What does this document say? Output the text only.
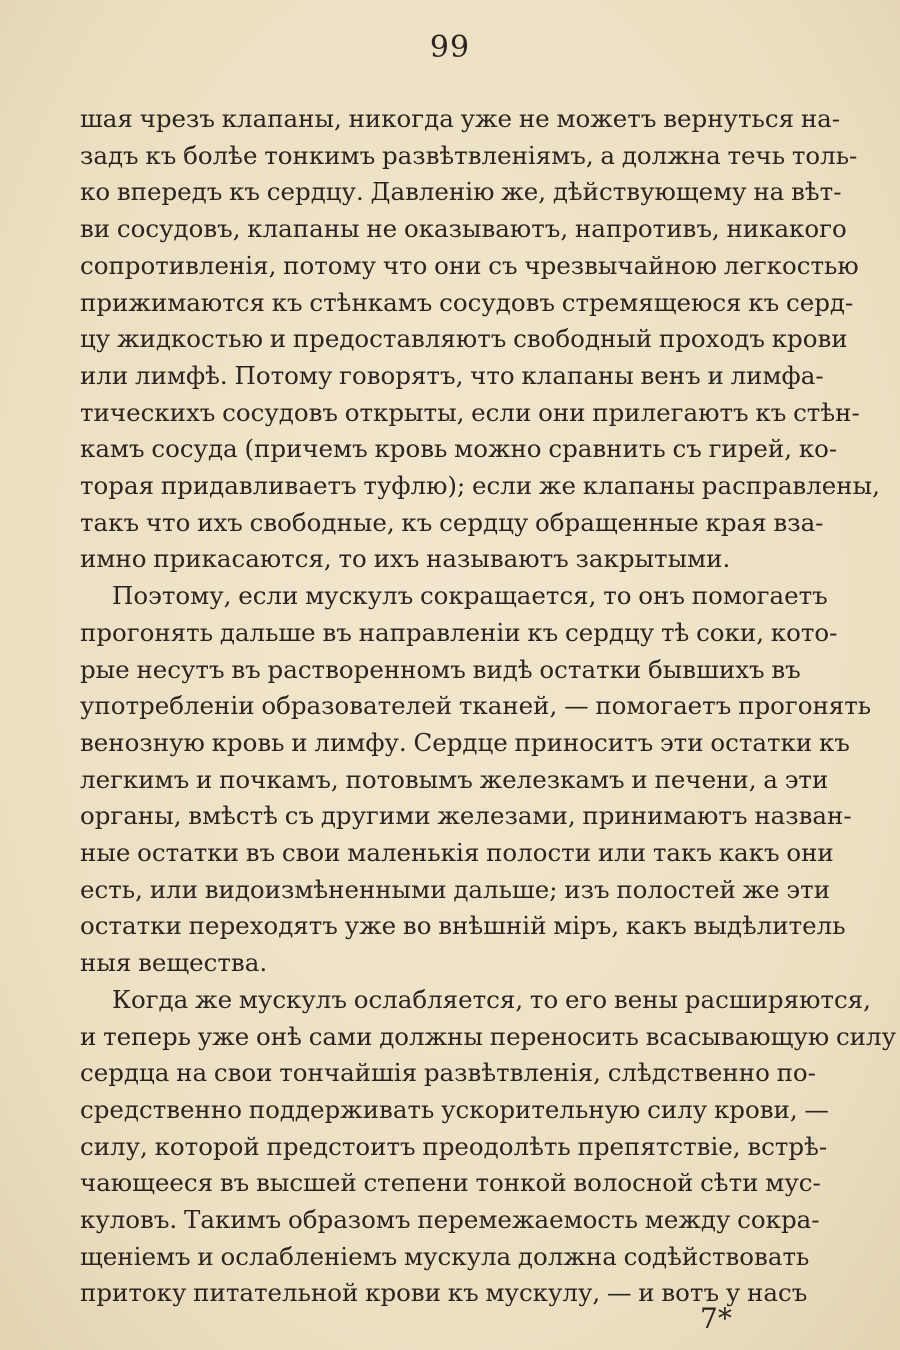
99
шая чрезъ клапаны, никогда уже не можетъ вернуться на-
задъ къ болѣе тонкимъ развѣтвленіямъ, а должна течь толь-
ко впередъ къ сердцу. Давленію же, дѣйствующему на вѣт-
ви сосудовъ, клапаны не оказываютъ, напротивъ, никакого
сопротивленія, потому что они съ чрезвычайною легкостью
прижимаются къ стѣнкамъ сосудовъ стремящеюся къ серд-
цу жидкостью и предоставляютъ свободный проходъ крови
или лимфѣ. Потому говорятъ, что клапаны венъ и лимфа-
тическихъ сосудовъ открыты, если они прилегаютъ къ стѣн-
камъ сосуда (причемъ кровь можно сравнить съ гирей, ко-
торая придавливаетъ туфлю); если же клапаны расправлены,
такъ что ихъ свободные, къ сердцу обращенные края вза-
имно прикасаются, то ихъ называютъ закрытыми.
Поэтому, если мускулъ сокращается, то онъ помогаетъ
прогонять дальше въ направленіи къ сердцу тѣ соки, кото-
рые несутъ въ растворенномъ видѣ остатки бывшихъ въ
употребленіи образователей тканей, — помогаетъ прогонять
венозную кровь и лимфу. Сердце приноситъ эти остатки къ
легкимъ и почкамъ, потовымъ железкамъ и печени, а эти
органы, вмѣстѣ съ другими железами, принимаютъ назван-
ные остатки въ свои маленькія полости или такъ какъ они
есть, или видоизмѣненными дальше; изъ полостей же эти
остатки переходятъ уже во внѣшній міръ, какъ выдѣлитель
ныя вещества.
Когда же мускулъ ослабляется, то его вены расширяются,
и теперь уже онѣ сами должны переносить всасывающую силу
сердца на свои тончайшія развѣтвленія, слѣдственно по-
средственно поддерживать ускорительную силу крови, —
силу, которой предстоитъ преодолѣть препятствіе, встрѣ-
чающееся въ высшей степени тонкой волосной сѣти мус-
куловъ. Такимъ образомъ перемежаемость между сокра-
щеніемъ и ослабленіемъ мускула должна содѣйствовать
притоку питательной крови къ мускулу, — и вотъ у насъ
7*
